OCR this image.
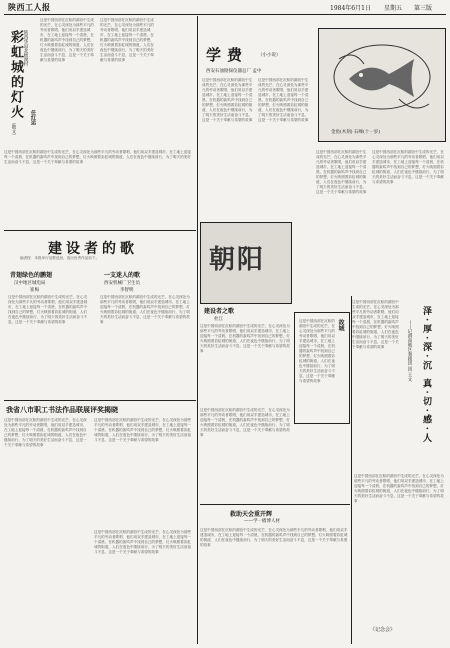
陕西工人报	1984年6月1日 星期五 第三版
彩虹城的灯火
（散文）
陕西华县北极渡村
任红运
这是中国西部在沉积的湖泊中生成的光芒，在心灵深处为那些平凡的劳动者歌唱，他们用双手建造城市，在工地上迎接每一个清晨，在机器的轰鸣声中找到自己的梦想，灯火映照着彩虹城的街道，人们在夜色中继续前行，为了明天的美好生活而奋斗不息，这是一个关于奉献与希望的故事
这是中国西部在沉积的湖泊中生成的光芒，在心灵深处为那些平凡的劳动者歌唱，他们用双手建造城市，在工地上迎接每一个清晨，在机器的轰鸣声中找到自己的梦想，灯火映照着彩虹城的街道，人们在夜色中继续前行，为了明天的美好生活而奋斗不息，这是一个关于奉献与希望的故事
这是中国西部在沉积的湖泊中生成的光芒，在心灵深处为那些平凡的劳动者歌唱，他们用双手建造城市，在工地上迎接每一个清晨，在机器的轰鸣声中找到自己的梦想，灯火映照着彩虹城的街道，人们在夜色中继续前行，为了明天的美好生活而奋斗不息，这是一个关于奉献与希望的故事
学费 （小小说）
西安石油勘探仪器总厂 孟中
这是中国西部在沉积的湖泊中生成的光芒，在心灵深处为那些平凡的劳动者歌唱，他们用双手建造城市，在工地上迎接每一个清晨，在机器的轰鸣声中找到自己的梦想，灯火映照着彩虹城的街道，人们在夜色中继续前行，为了明天的美好生活而奋斗不息，这是一个关于奉献与希望的故事
这是中国西部在沉积的湖泊中生成的光芒，在心灵深处为那些平凡的劳动者歌唱，他们用双手建造城市，在工地上迎接每一个清晨，在机器的轰鸣声中找到自己的梦想，灯火映照着彩虹城的街道，人们在夜色中继续前行，为了明天的美好生活而奋斗不息，这是一个关于奉献与希望的故事
这是中国西部在沉积的湖泊中生成的光芒，在心灵深处为那些平凡的劳动者歌唱，他们用双手建造城市，在工地上迎接每一个清晨，在机器的轰鸣声中找到自己的梦想，灯火映照着彩虹城的街道，人们在夜色中继续前行，为了明天的美好生活而奋斗不息，这是一个关于奉献与希望的故事
这是中国西部在沉积的湖泊中生成的光芒，在心灵深处为那些平凡的劳动者歌唱，他们用双手建造城市，在工地上迎接每一个清晨，在机器的轰鸣声中找到自己的梦想，灯火映照着彩虹城的街道，人们在夜色中继续前行，为了明天的美好生活而奋斗不息，这是一个关于奉献与希望的故事
金鱼(木刻) 石峰(十一岁)
建设者的歌
编者按：本报举行征歌选登，选出优秀作品如下。	朝阳
青翅绿色的鹏翅
汉中地区城电局
崔梅
这是中国西部在沉积的湖泊中生成的光芒，在心灵深处为那些平凡的劳动者歌唱，他们用双手建造城市，在工地上迎接每一个清晨，在机器的轰鸣声中找到自己的梦想，灯火映照着彩虹城的街道，人们在夜色中继续前行，为了明天的美好生活而奋斗不息，这是一个关于奉献与希望的故事
一支迷人的歌
西安机械厂卫生员
李智明
这是中国西部在沉积的湖泊中生成的光芒，在心灵深处为那些平凡的劳动者歌唱，他们用双手建造城市，在工地上迎接每一个清晨，在机器的轰鸣声中找到自己的梦想，灯火映照着彩虹城的街道，人们在夜色中继续前行，为了明天的美好生活而奋斗不息，这是一个关于奉献与希望的故事
建设者之歌
杜江
这是中国西部在沉积的湖泊中生成的光芒，在心灵深处为那些平凡的劳动者歌唱，他们用双手建造城市，在工地上迎接每一个清晨，在机器的轰鸣声中找到自己的梦想，灯火映照着彩虹城的街道，人们在夜色中继续前行，为了明天的美好生活而奋斗不息，这是一个关于奉献与希望的故事
故城
这是中国西部在沉积的湖泊中生成的光芒，在心灵深处为那些平凡的劳动者歌唱，他们用双手建造城市，在工地上迎接每一个清晨，在机器的轰鸣声中找到自己的梦想，灯火映照着彩虹城的街道，人们在夜色中继续前行，为了明天的美好生活而奋斗不息，这是一个关于奉献与希望的故事	泽·厚·深·沉 真·切·感·人
——记渭南地区秦剧团 团 王文
这是中国西部在沉积的湖泊中生成的光芒，在心灵深处为那些平凡的劳动者歌唱，他们用双手建造城市，在工地上迎接每一个清晨，在机器的轰鸣声中找到自己的梦想，灯火映照着彩虹城的街道，人们在夜色中继续前行，为了明天的美好生活而奋斗不息，这是一个关于奉献与希望的故事
我省八市职工书法作品联展评奖揭晓
这是中国西部在沉积的湖泊中生成的光芒，在心灵深处为那些平凡的劳动者歌唱，他们用双手建造城市，在工地上迎接每一个清晨，在机器的轰鸣声中找到自己的梦想，灯火映照着彩虹城的街道，人们在夜色中继续前行，为了明天的美好生活而奋斗不息，这是一个关于奉献与希望的故事
这是中国西部在沉积的湖泊中生成的光芒，在心灵深处为那些平凡的劳动者歌唱，他们用双手建造城市，在工地上迎接每一个清晨，在机器的轰鸣声中找到自己的梦想，灯火映照着彩虹城的街道，人们在夜色中继续前行，为了明天的美好生活而奋斗不息，这是一个关于奉献与希望的故事
这是中国西部在沉积的湖泊中生成的光芒，在心灵深处为那些平凡的劳动者歌唱，他们用双手建造城市，在工地上迎接每一个清晨，在机器的轰鸣声中找到自己的梦想，灯火映照着彩虹城的街道，人们在夜色中继续前行，为了明天的美好生活而奋斗不息，这是一个关于奉献与希望的故事
这是中国西部在沉积的湖泊中生成的光芒，在心灵深处为那些平凡的劳动者歌唱，他们用双手建造城市，在工地上迎接每一个清晨，在机器的轰鸣声中找到自己的梦想，灯火映照着彩虹城的街道，人们在夜色中继续前行，为了明天的美好生活而奋斗不息，这是一个关于奉献与希望的故事
救助天会重开辉
——学一樯博人材
这是中国西部在沉积的湖泊中生成的光芒，在心灵深处为那些平凡的劳动者歌唱，他们用双手建造城市，在工地上迎接每一个清晨，在机器的轰鸣声中找到自己的梦想，灯火映照着彩虹城的街道，人们在夜色中继续前行，为了明天的美好生活而奋斗不息，这是一个关于奉献与希望的故事
这是中国西部在沉积的湖泊中生成的光芒，在心灵深处为那些平凡的劳动者歌唱，他们用双手建造城市，在工地上迎接每一个清晨，在机器的轰鸣声中找到自己的梦想，灯火映照着彩虹城的街道，人们在夜色中继续前行，为了明天的美好生活而奋斗不息，这是一个关于奉献与希望的故事
《记念会》
